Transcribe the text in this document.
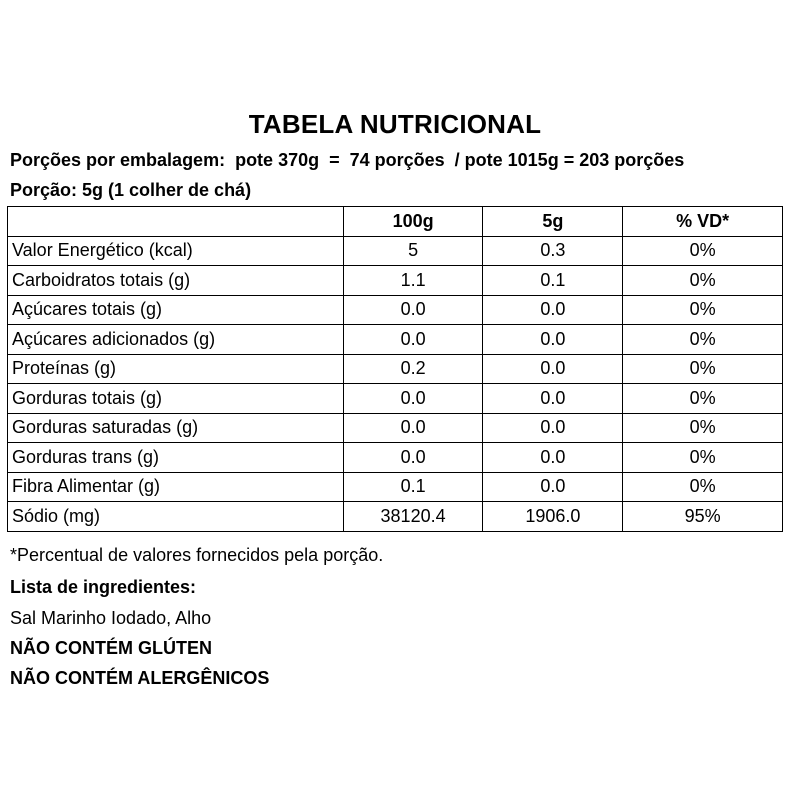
TABELA NUTRICIONAL
Porções por embalagem:  pote 370g  =  74 porções  / pote 1015g = 203 porções
Porção: 5g (1 colher de chá)
	100g	5g	% VD*
Valor Energético (kcal)	5	0.3	0%
Carboidratos totais (g)	1.1	0.1	0%
Açúcares totais (g)	0.0	0.0	0%
Açúcares adicionados (g)	0.0	0.0	0%
Proteínas (g)	0.2	0.0	0%
Gorduras totais (g)	0.0	0.0	0%
Gorduras saturadas (g)	0.0	0.0	0%
Gorduras trans (g)	0.0	0.0	0%
Fibra Alimentar (g)	0.1	0.0	0%
Sódio (mg)	38120.4	1906.0	95%
*Percentual de valores fornecidos pela porção.
Lista de ingredientes:
Sal Marinho Iodado, Alho
NÃO CONTÉM GLÚTEN
NÃO CONTÉM ALERGÊNICOS
